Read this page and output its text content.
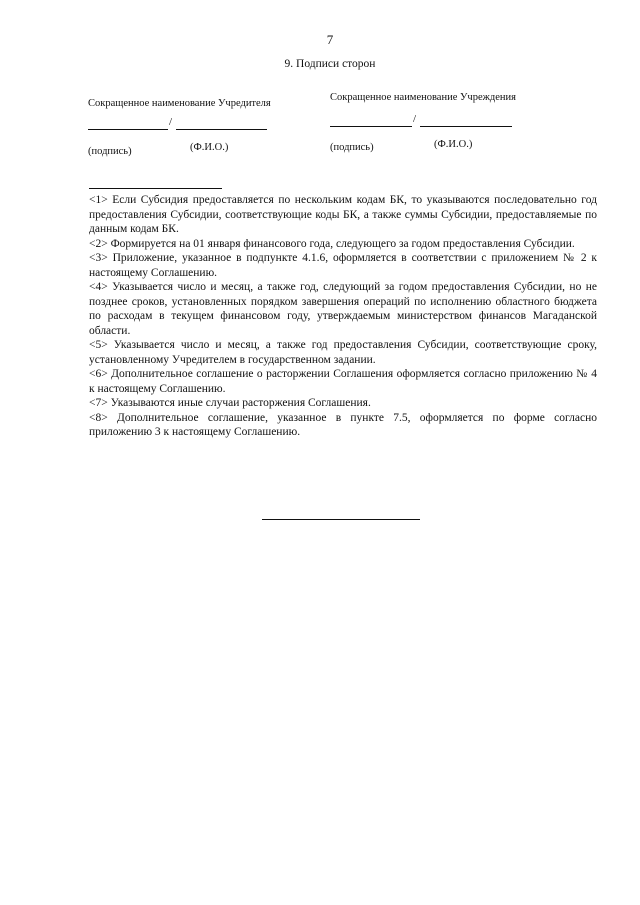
7
9. Подписи сторон
Сокращенное наименование Учредителя
/
(подпись)	(Ф.И.О.)
Сокращенное наименование Учреждения
/
(подпись)	(Ф.И.О.)

<1> Если Субсидия предоставляется по нескольким кодам БК, то указываются последовательно год предоставления Субсидии, соответствующие коды БК, а также суммы Субсидии, предоставляемые по данным кодам БК.

<2> Формируется на 01 января финансового года, следующего за годом предоставления Субсидии.

<3> Приложение, указанное в подпункте 4.1.6, оформляется в соответствии с приложением № 2 к настоящему Соглашению.

<4> Указывается число и месяц, а также год, следующий за годом предоставления Субсидии, но не позднее сроков, установленных порядком завершения операций по исполнению областного бюджета по расходам в текущем финансовом году, утверждаемым министерством финансов Магаданской области.

<5> Указывается число и месяц, а также год предоставления Субсидии, соответствующие сроку, установленному Учредителем в государственном задании.

<6> Дополнительное соглашение о расторжении Соглашения оформляется согласно приложению № 4 к настоящему Соглашению.

<7> Указываются иные случаи расторжения Соглашения.

<8> Дополнительное соглашение, указанное в пункте 7.5, оформляется по форме согласно приложению 3 к настоящему Соглашению.
